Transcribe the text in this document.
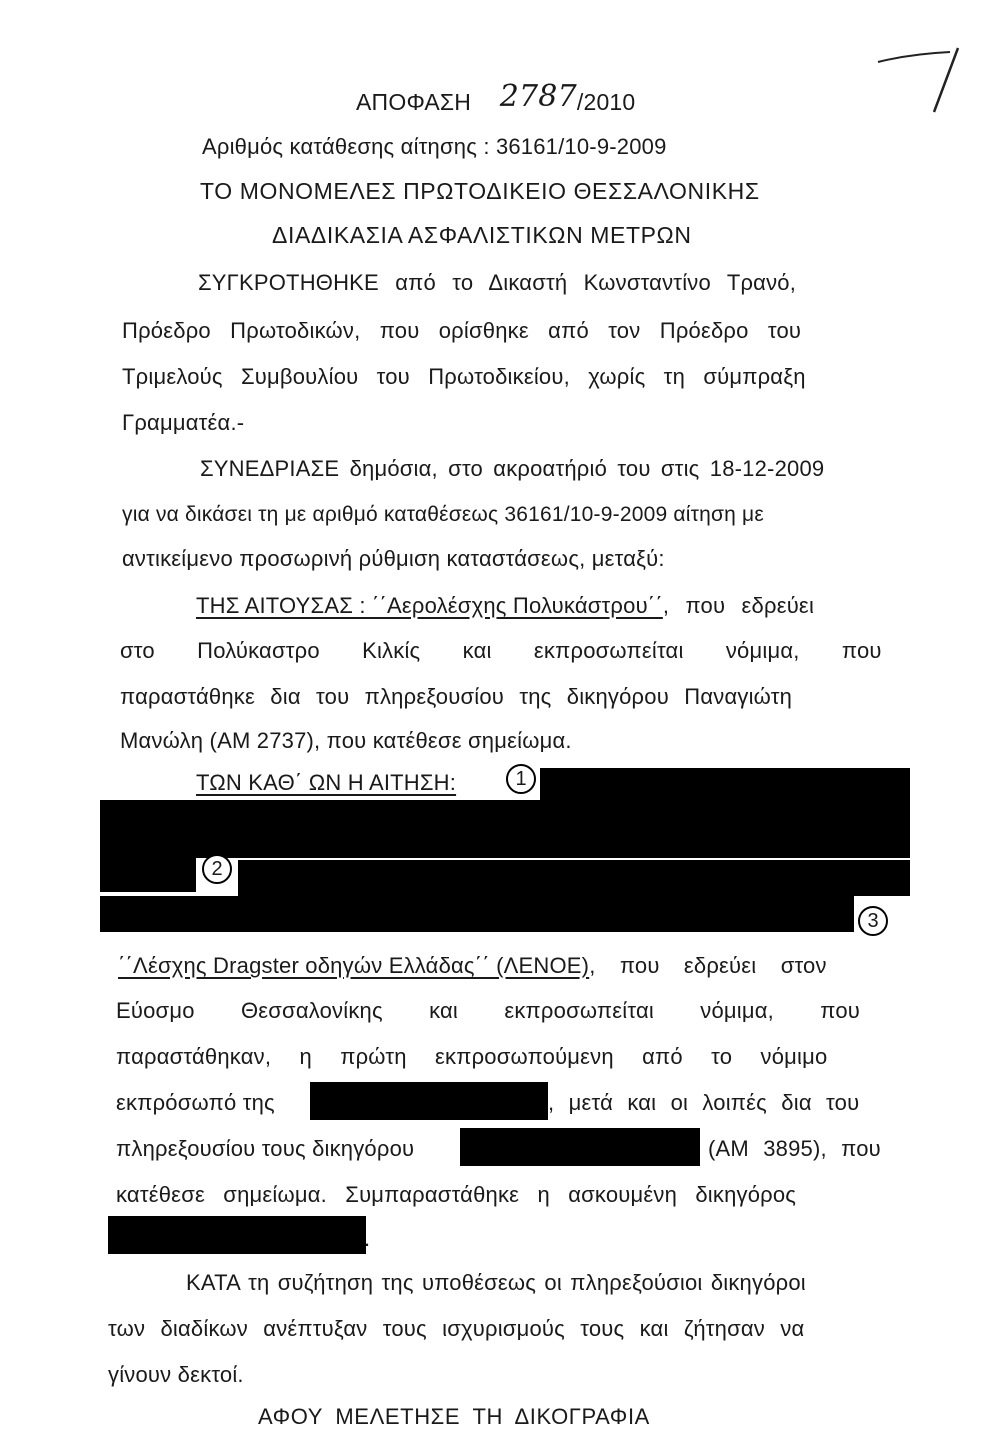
ΑΠΟΦΑΣΗ 2787/2010
Αριθμός κατάθεσης αίτησης : 36161/10-9-2009
ΤΟ ΜΟΝΟΜΕΛΕΣ ΠΡΩΤΟΔΙΚΕΙΟ ΘΕΣΣΑΛΟΝΙΚΗΣ
ΔΙΑΔΙΚΑΣΙΑ ΑΣΦΑΛΙΣΤΙΚΩΝ ΜΕΤΡΩΝ
ΣΥΓΚΡΟΤΗΘΗΚΕ από το Δικαστή Κωνσταντίνο Τρανό,
Πρόεδρο Πρωτοδικών, που ορίσθηκε από τον Πρόεδρο του
Τριμελούς Συμβουλίου του Πρωτοδικείου, χωρίς τη σύμπραξη
Γραμματέα.-
ΣΥΝΕΔΡΙΑΣΕ δημόσια, στο ακροατήριό του στις 18-12-2009
για να δικάσει τη με αριθμό καταθέσεως 36161/10-9-2009 αίτηση με
αντικείμενο προσωρινή ρύθμιση καταστάσεως, μεταξύ:
ΤΗΣ ΑΙΤΟΥΣΑΣ : ΄΄Αερολέσχης Πολυκάστρου΄΄, που εδρεύει
στο Πολύκαστρο Κιλκίς και εκπροσωπείται νόμιμα, που
παραστάθηκε δια του πληρεξουσίου της δικηγόρου Παναγιώτη
Μανώλη (ΑΜ 2737), που κατέθεσε σημείωμα.
ΤΩΝ ΚΑΘ΄ ΩΝ Η ΑΙΤΗΣΗ:	1
2
3
΄΄Λέσχης Dragster οδηγών Ελλάδας΄΄ (ΛΕΝΟΕ), που εδρεύει στον
Εύοσμο Θεσσαλονίκης και εκπροσωπείται νόμιμα, που
παραστάθηκαν, η πρώτη εκπροσωπούμενη από το νόμιμο
εκπρόσωπό της	, μετά και οι λοιπές δια του
πληρεξουσίου τους δικηγόρου	(ΑΜ 3895), που
κατέθεσε σημείωμα. Συμπαραστάθηκε η ασκουμένη δικηγόρος
.
ΚΑΤΑ τη συζήτηση της υποθέσεως οι πληρεξούσιοι δικηγόροι
των διαδίκων ανέπτυξαν τους ισχυρισμούς τους και ζήτησαν να
γίνουν δεκτοί.
ΑΦΟΥ ΜΕΛΕΤΗΣΕ ΤΗ ΔΙΚΟΓΡΑΦΙΑ
